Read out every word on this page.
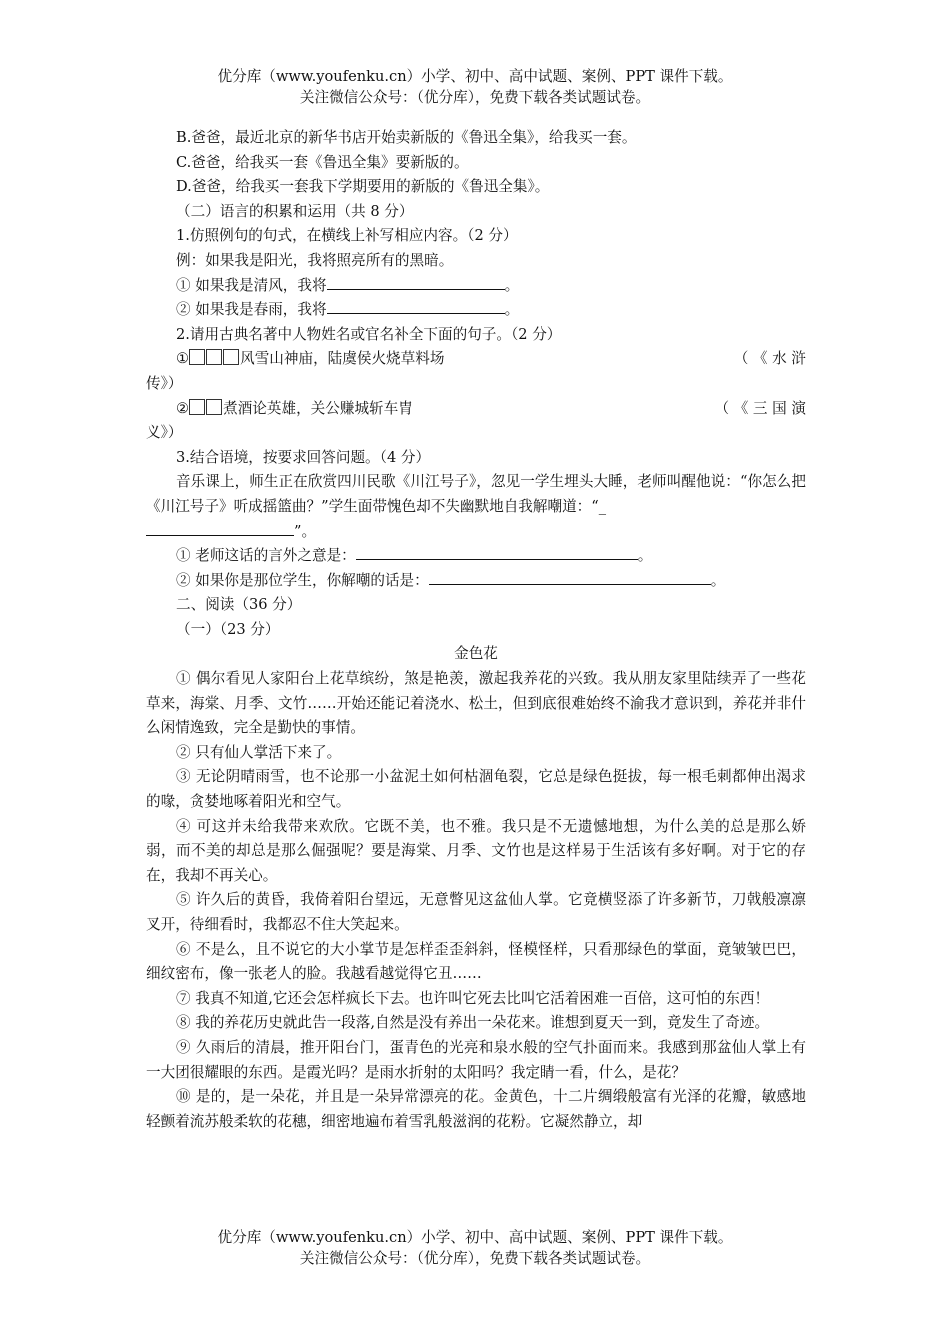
优分库（www.youfenku.cn）小学、初中、高中试题、案例、PPT 课件下载。
关注微信公众号：（优分库），免费下载各类试题试卷。

B.爸爸，最近北京的新华书店开始卖新版的《鲁迅全集》，给我买一套。

C.爸爸，给我买一套《鲁迅全集》要新版的。

D.爸爸，给我买一套我下学期要用的新版的《鲁迅全集》。

（二）语言的积累和运用（共 8 分）

1.仿照例句的句式，在横线上补写相应内容。（2 分）

例：如果我是阳光，我将照亮所有的黑暗。

① 如果我是清风，我将	。

② 如果我是春雨，我将	。

2.请用古典名著中人物姓名或官名补全下面的句子。（2 分）

①	风雪山神庙，陆虞侯火烧草料场	（ 《 水 浒

传》）

② 煮酒论英雄，关公赚城斩车胄	（ 《 三 国 演

义》）

3.结合语境，按要求回答问题。（4 分）

音乐课上，师生正在欣赏四川民歌《川江号子》，忽见一学生埋头大睡，老师叫醒他说：“你怎么把《川江号子》听成摇篮曲？”学生面带愧色却不失幽默地自我解嘲道：“_
”。

① 老师这话的言外之意是：	。

② 如果你是那位学生，你解嘲的话是：	。

二、阅读（36 分）

（一）（23 分）

金色花

① 偶尔看见人家阳台上花草缤纷，煞是艳羡，激起我养花的兴致。我从朋友家里陆续弄了一些花草来，海棠、月季、文竹……开始还能记着浇水、松土，但到底很难始终不渝我才意识到，养花并非什么闲情逸致，完全是勤快的事情。

② 只有仙人掌活下来了。

③ 无论阴晴雨雪，也不论那一小盆泥土如何枯涸龟裂，它总是绿色挺拔，每一根毛刺都伸出渴求的喙，贪婪地啄着阳光和空气。

④ 可这并未给我带来欢欣。它既不美，也不雅。我只是不无遗憾地想，为什么美的总是那么娇弱，而不美的却总是那么倔强呢？要是海棠、月季、文竹也是这样易于生活该有多好啊。对于它的存在，我却不再关心。

⑤ 许久后的黄昏，我倚着阳台望远，无意瞥见这盆仙人掌。它竟横竖添了许多新节，刀戟般凛凛叉开，待细看时，我都忍不住大笑起来。

⑥ 不是么，且不说它的大小掌节是怎样歪歪斜斜，怪模怪样，只看那绿色的掌面，竟皱皱巴巴，细纹密布，像一张老人的脸。我越看越觉得它丑……

⑦ 我真不知道,它还会怎样疯长下去。也许叫它死去比叫它活着困难一百倍，这可怕的东西！

⑧ 我的养花历史就此告一段落,自然是没有养出一朵花来。谁想到夏天一到，竟发生了奇迹。

⑨ 久雨后的清晨，推开阳台门，蛋青色的光亮和泉水般的空气扑面而来。我感到那盆仙人掌上有一大团很耀眼的东西。是霞光吗？是雨水折射的太阳吗？我定睛一看，什么，是花？

⑩ 是的，是一朵花，并且是一朵异常漂亮的花。金黄色，十二片绸缎般富有光泽的花瓣，敏感地轻颤着流苏般柔软的花穗，细密地遍布着雪乳般滋润的花粉。它凝然静立，却

优分库（www.youfenku.cn）小学、初中、高中试题、案例、PPT 课件下载。
关注微信公众号：（优分库），免费下载各类试题试卷。
